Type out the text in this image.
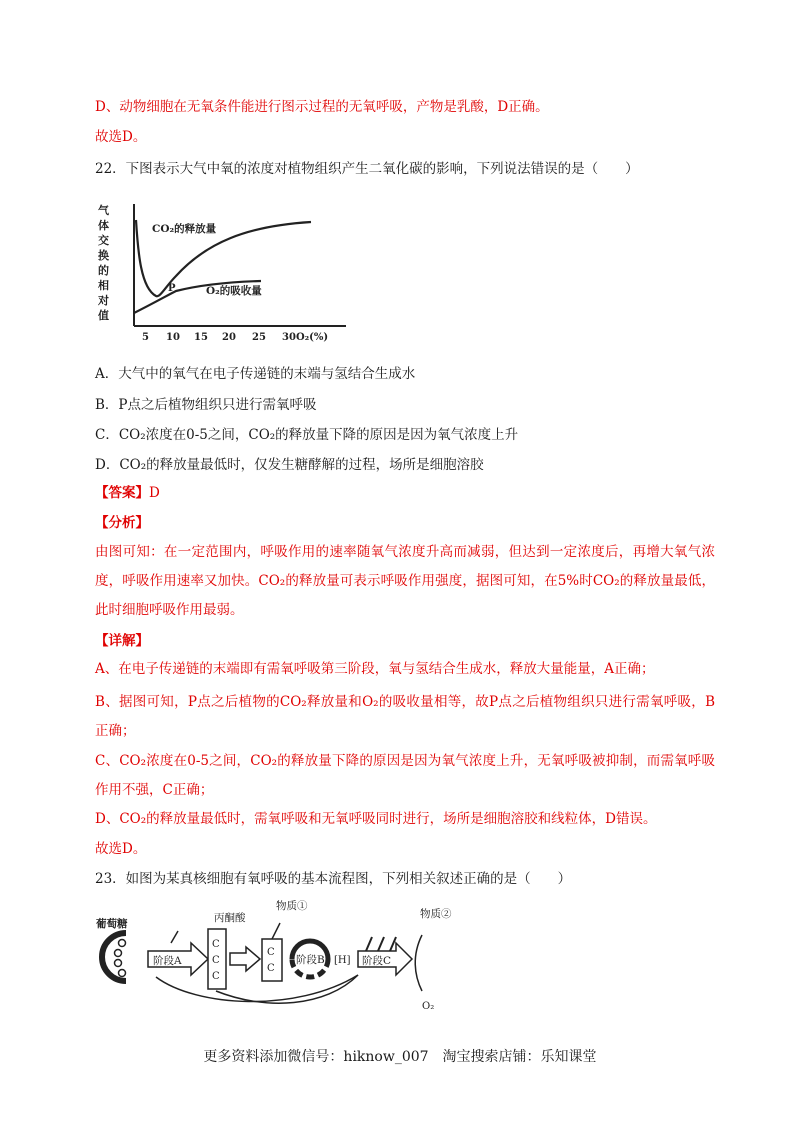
D、动物细胞在无氧条件能进行图示过程的无氧呼吸，产物是乳酸，D正确。
故选D。
22．下图表示大气中氧的浓度对植物组织产生二氧化碳的影响，下列说法错误的是（　　）
气
体
交
换
的
相
对
值
CO₂的释放量
O₂的吸收量
P
5 10 15 20 25 30 O₂(%)
A．大气中的氧气在电子传递链的末端与氢结合生成水
B．P点之后植物组织只进行需氧呼吸
C．CO₂浓度在0-5之间，CO₂的释放量下降的原因是因为氧气浓度上升
D．CO₂的释放量最低时，仅发生糖酵解的过程，场所是细胞溶胶
【答案】D
【分析】
由图可知：在一定范围内，呼吸作用的速率随氧气浓度升高而减弱，但达到一定浓度后，再增大氧气浓度，呼吸作用速率又加快。CO₂的释放量可表示呼吸作用强度，据图可知，在5%时CO₂的释放量最低，此时细胞呼吸作用最弱。
【详解】
A、在电子传递链的末端即有需氧呼吸第三阶段，氧与氢结合生成水，释放大量能量，A正确；
B、据图可知，P点之后植物的CO₂释放量和O₂的吸收量相等，故P点之后植物组织只进行需氧呼吸，B正确；
C、CO₂浓度在0-5之间，CO₂的释放量下降的原因是因为氧气浓度上升，无氧呼吸被抑制，而需氧呼吸作用不强，C正确；
D、CO₂的释放量最低时，需氧呼吸和无氧呼吸同时进行，场所是细胞溶胶和线粒体，D错误。
故选D。
23．如图为某真核细胞有氧呼吸的基本流程图，下列相关叙述正确的是（　　）
葡萄糖
阶段A
丙酮酸
C
C
C
物质①
C
C
阶段B [H] 阶段C
物质②
O₂
更多资料添加微信号：hiknow_007　淘宝搜索店铺：乐知课堂
